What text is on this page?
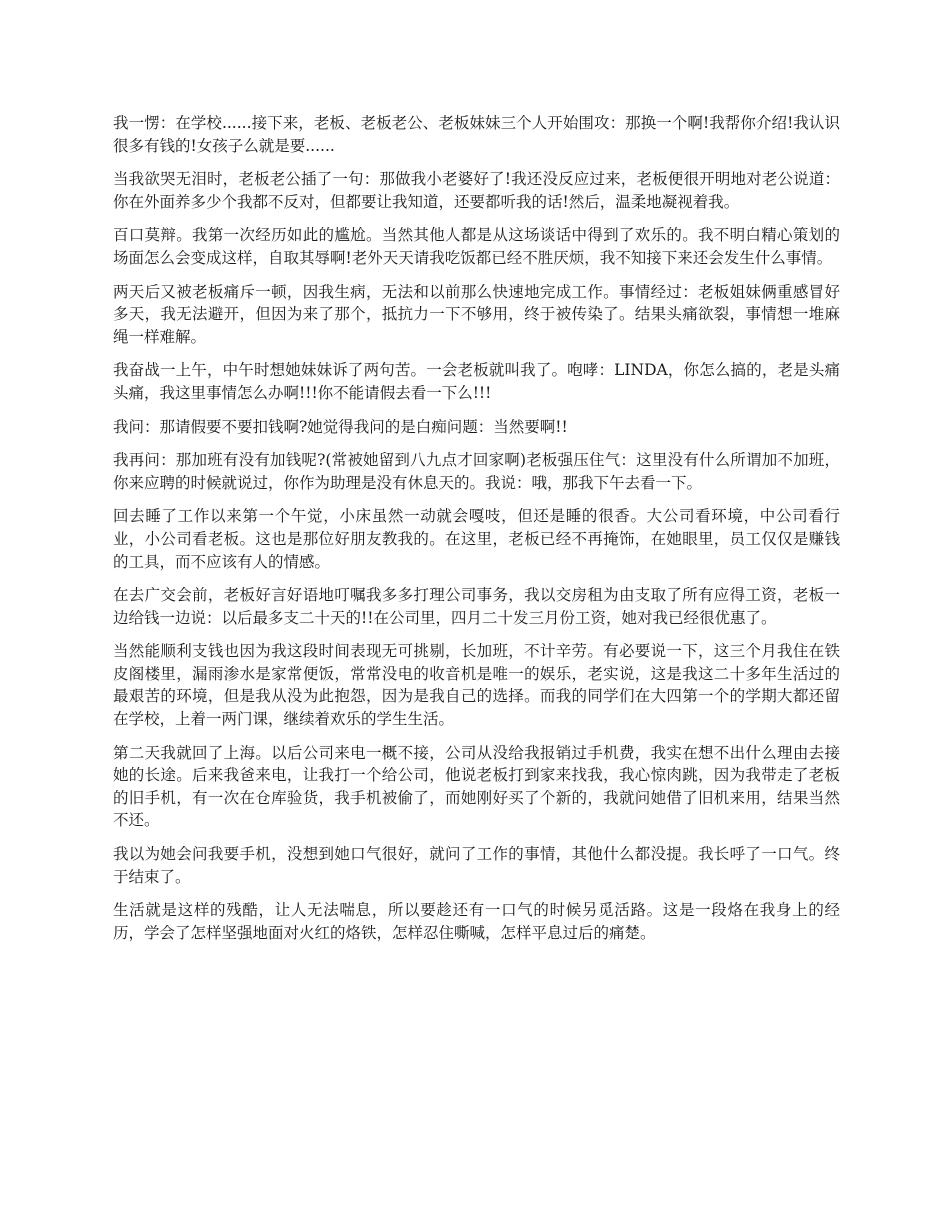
我一愣：在学校......接下来，老板、老板老公、老板妹妹三个人开始围攻：那换一个啊!我帮你介绍!我认识很多有钱的!女孩子么就是要......

当我欲哭无泪时，老板老公插了一句：那做我小老婆好了!我还没反应过来，老板便很开明地对老公说道：你在外面养多少个我都不反对，但都要让我知道，还要都听我的话!然后，温柔地凝视着我。

百口莫辩。我第一次经历如此的尴尬。当然其他人都是从这场谈话中得到了欢乐的。我不明白精心策划的场面怎么会变成这样，自取其辱啊!老外天天请我吃饭都已经不胜厌烦，我不知接下来还会发生什么事情。

两天后又被老板痛斥一顿，因我生病，无法和以前那么快速地完成工作。事情经过：老板姐妹俩重感冒好多天，我无法避开，但因为来了那个，抵抗力一下不够用，终于被传染了。结果头痛欲裂，事情想一堆麻绳一样难解。

我奋战一上午，中午时想她妹妹诉了两句苦。一会老板就叫我了。咆哮：LINDA，你怎么搞的，老是头痛头痛，我这里事情怎么办啊!!!你不能请假去看一下么!!!

我问：那请假要不要扣钱啊?她觉得我问的是白痴问题：当然要啊!!

我再问：那加班有没有加钱呢?(常被她留到八九点才回家啊)老板强压住气：这里没有什么所谓加不加班，你来应聘的时候就说过，你作为助理是没有休息天的。我说：哦，那我下午去看一下。

回去睡了工作以来第一个午觉，小床虽然一动就会嘎吱，但还是睡的很香。大公司看环境，中公司看行业，小公司看老板。这也是那位好朋友教我的。在这里，老板已经不再掩饰，在她眼里，员工仅仅是赚钱的工具，而不应该有人的情感。

在去广交会前，老板好言好语地叮嘱我多多打理公司事务，我以交房租为由支取了所有应得工资，老板一边给钱一边说：以后最多支二十天的!!在公司里，四月二十发三月份工资，她对我已经很优惠了。

当然能顺利支钱也因为我这段时间表现无可挑剔，长加班，不计辛劳。有必要说一下，这三个月我住在铁皮阁楼里，漏雨渗水是家常便饭，常常没电的收音机是唯一的娱乐，老实说，这是我这二十多年生活过的最艰苦的环境，但是我从没为此抱怨，因为是我自己的选择。而我的同学们在大四第一个的学期大都还留在学校，上着一两门课，继续着欢乐的学生生活。

第二天我就回了上海。以后公司来电一概不接，公司从没给我报销过手机费，我实在想不出什么理由去接她的长途。后来我爸来电，让我打一个给公司，他说老板打到家来找我，我心惊肉跳，因为我带走了老板的旧手机，有一次在仓库验货，我手机被偷了，而她刚好买了个新的，我就问她借了旧机来用，结果当然不还。

我以为她会问我要手机，没想到她口气很好，就问了工作的事情，其他什么都没提。我长呼了一口气。终于结束了。

生活就是这样的残酷，让人无法喘息，所以要趁还有一口气的时候另觅活路。这是一段烙在我身上的经历，学会了怎样坚强地面对火红的烙铁，怎样忍住嘶喊，怎样平息过后的痛楚。
